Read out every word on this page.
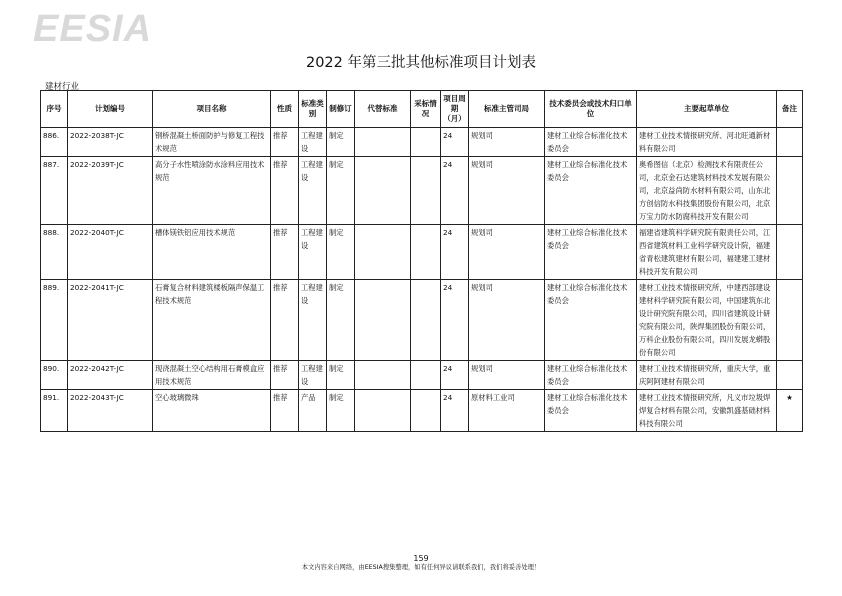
EESIA
2022 年第三批其他标准项目计划表
建材行业
序号	计划编号	项目名称	性质	标准类别	制修订	代替标准	采标情况	项目周期（月）	标准主管司局	技术委员会或技术归口单位	主要起草单位	备注
886.	2022-2038T-JC	钢桥混凝土桥面防护与修复工程技术规范	推荐	工程建设	制定			24	规划司	建材工业综合标准化技术委员会	建材工业技术情报研究所、河北旺通新材料有限公司	
887.	2022-2039T-JC	高分子水性喷涂防水涂料应用技术规范	推荐	工程建设	制定			24	规划司	建材工业综合标准化技术委员会	奥希图信（北京）检测技术有限责任公司，北京金石达建筑材料技术发展有限公司，北京益尚防水材料有限公司，山东北方创信防水科技集团股份有限公司，北京万宝力防水防腐科技开发有限公司	
888.	2022-2040T-JC	槽体镁铁铝应用技术规范	推荐	工程建设	制定			24	规划司	建材工业综合标准化技术委员会	福建省建筑科学研究院有限责任公司，江西省建筑材料工业科学研究设计院，福建省青松建筑建材有限公司，福建建工建材科技开发有限公司	
889.	2022-2041T-JC	石膏复合材料建筑楼板隔声保温工程技术规范	推荐	工程建设	制定			24	规划司	建材工业综合标准化技术委员会	建材工业技术情报研究所，中建西部建设建材科学研究院有限公司，中国建筑东北设计研究院有限公司，四川省建筑设计研究院有限公司，陕焊集团股份有限公司，万科企业股份有限公司，四川发展龙蟒股份有限公司	
890.	2022-2042T-JC	现浇混凝土空心结构用石膏模盒应用技术规范	推荐	工程建设	制定			24	规划司	建材工业综合标准化技术委员会	建材工业技术情报研究所，重庆大学，重庆阿阿建材有限公司	
891.	2022-2043T-JC	空心玻璃微珠	推荐	产品	制定			24	原材料工业司	建材工业综合标准化技术委员会	建材工业技术情报研究所，凡义市垃圾焊焊复合材料有限公司，安徽凯盛基础材料科技有限公司	★
159
本文内容来自网络，由EESIA搜集整理，如有任何异议请联系我们，我们将妥善处理！
